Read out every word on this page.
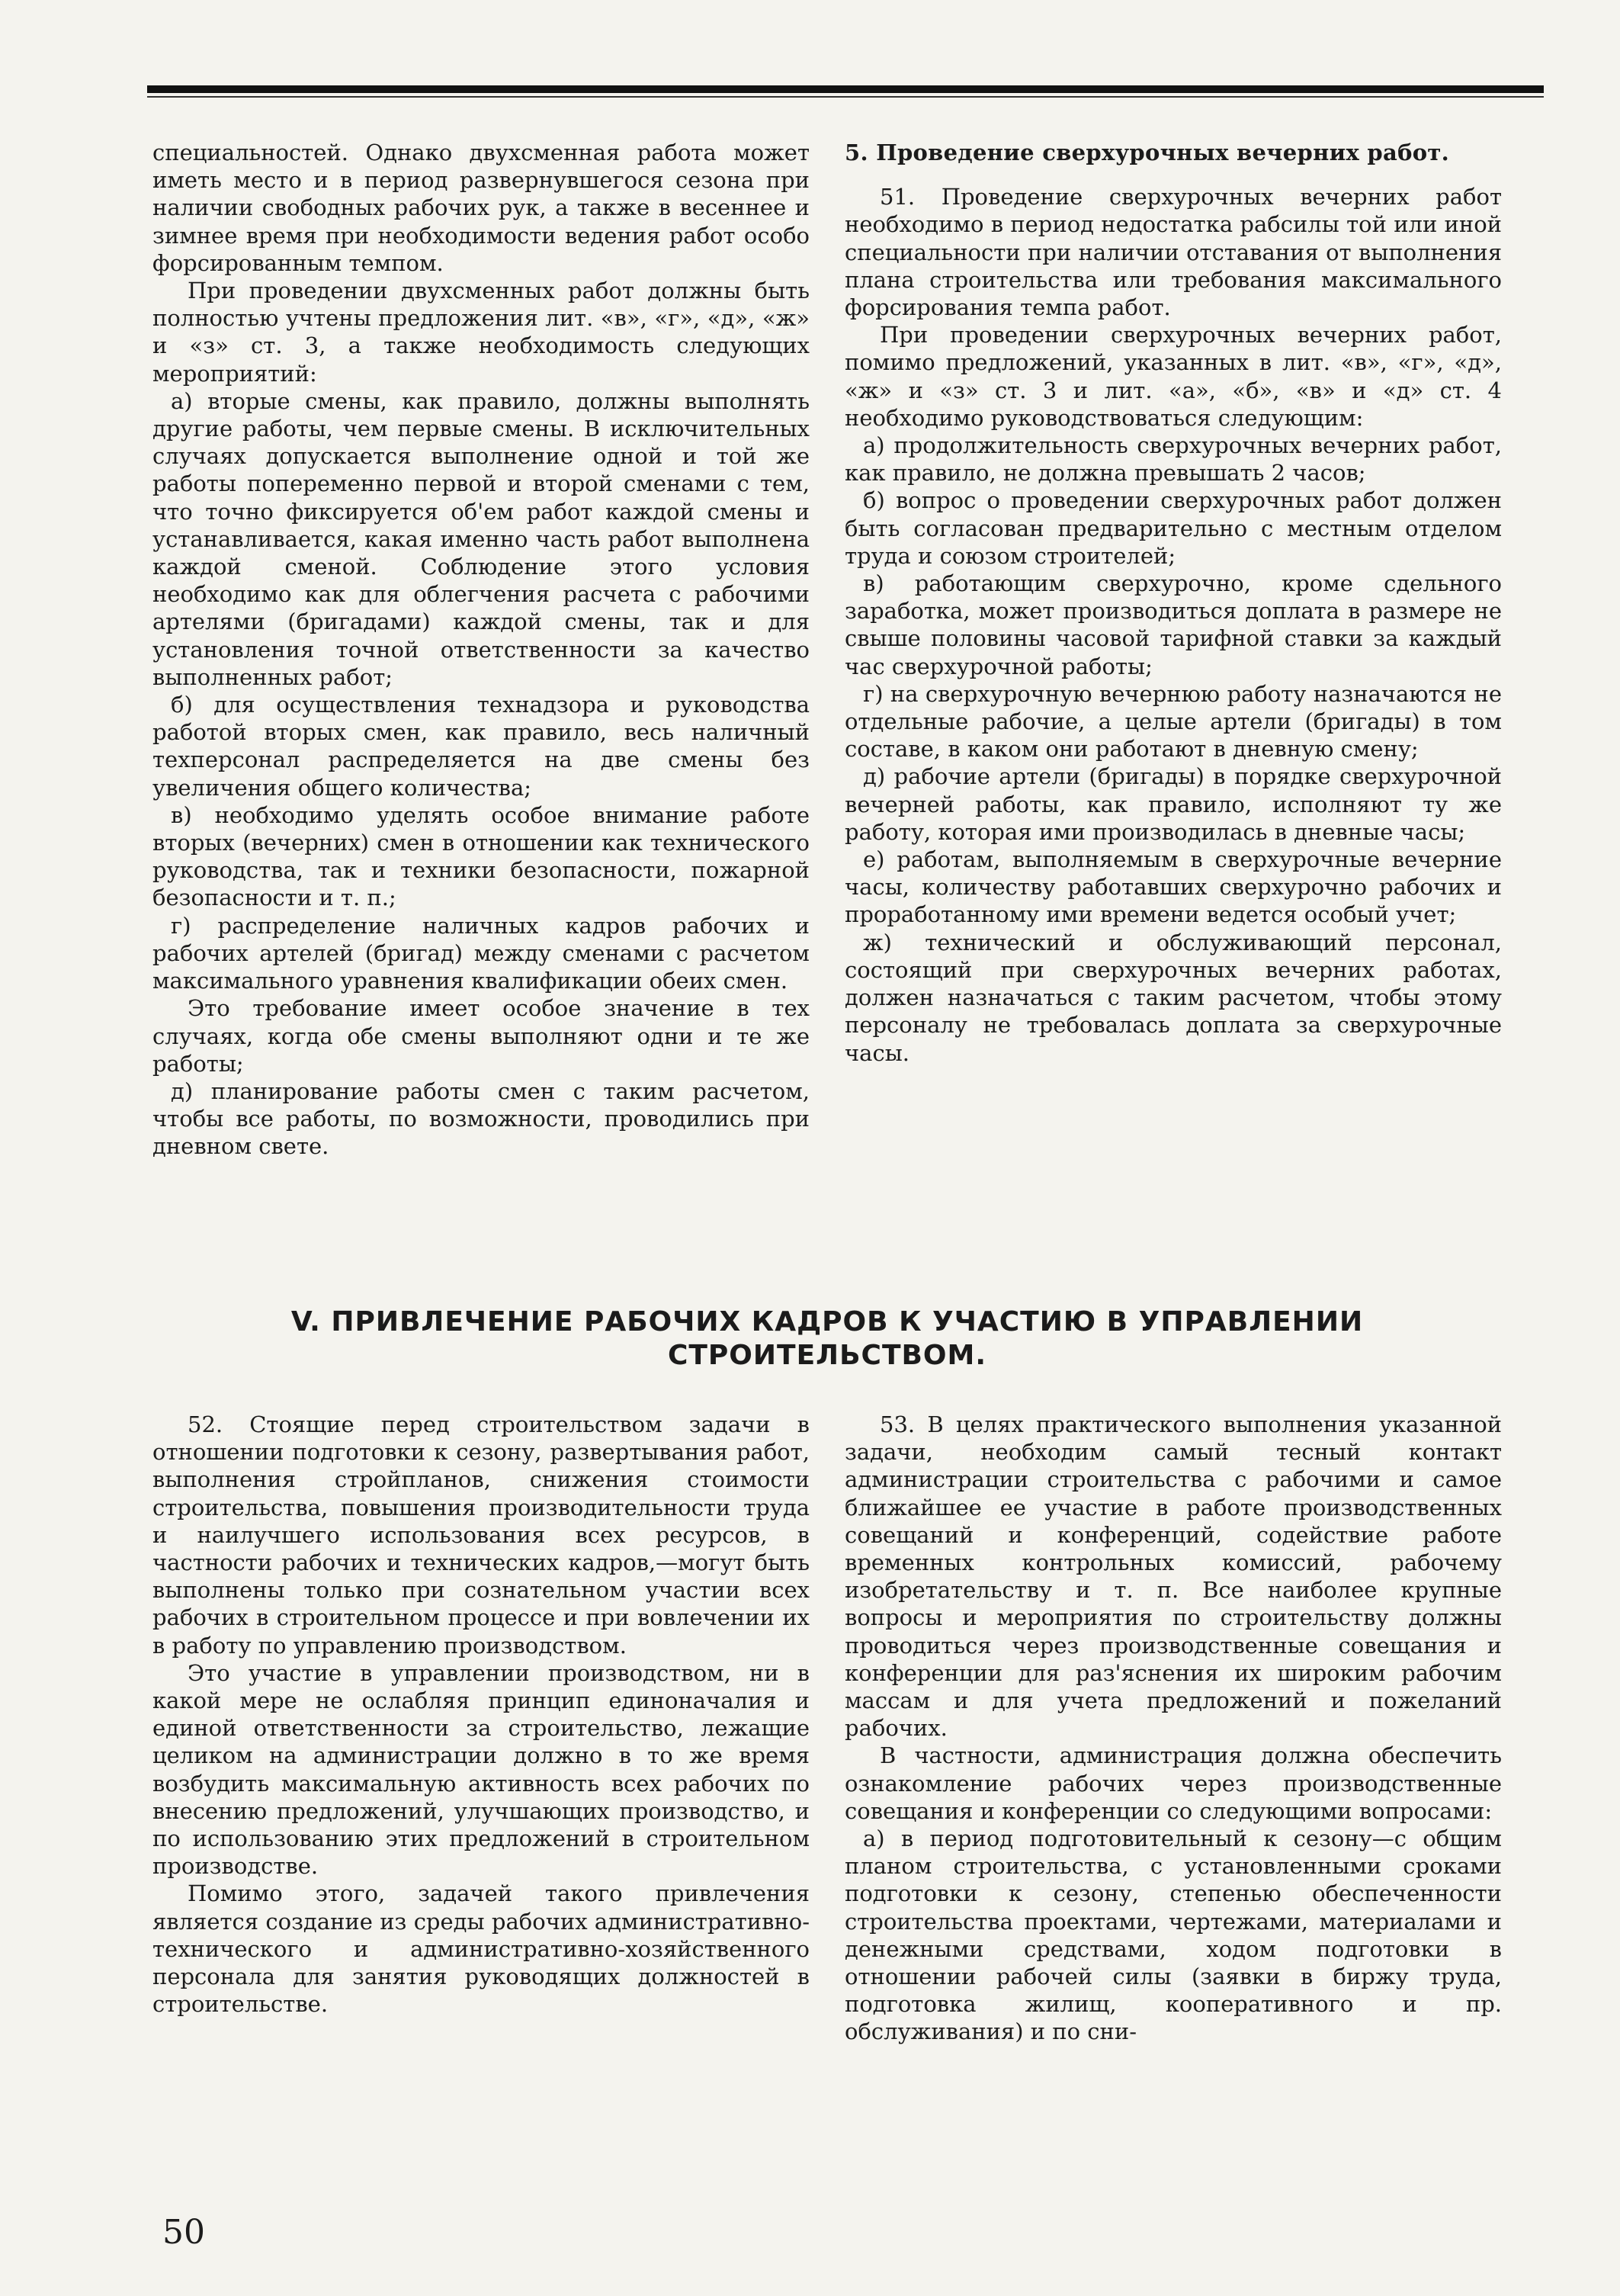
специальностей. Однако двухсменная работа может иметь место и в период развернувшегося сезона при наличии свободных рабочих рук, а также в весеннее и зимнее время при необходимости ведения работ особо форсированным темпом.

При проведении двухсменных работ должны быть полностью учтены предложения лит. «в», «г», «д», «ж» и «з» ст. 3, а также необходимость следующих мероприятий:

а) вторые смены, как правило, должны выполнять другие работы, чем первые смены. В исключительных случаях допускается выполнение одной и той же работы попеременно первой и второй сменами с тем, что точно фиксируется об'ем работ каждой смены и устанавливается, какая именно часть работ выполнена каждой сменой. Соблюдение этого условия необходимо как для облегчения расчета с рабочими артелями (бригадами) каждой смены, так и для установления точной ответственности за качество выполненных работ;

б) для осуществления технадзора и руководства работой вторых смен, как правило, весь наличный техперсонал распределяется на две смены без увеличения общего количества;

в) необходимо уделять особое внимание работе вторых (вечерних) смен в отношении как технического руководства, так и техники безопасности, пожарной безопасности и т. п.;

г) распределение наличных кадров рабочих и рабочих артелей (бригад) между сменами с расчетом максимального уравнения квалификации обеих смен.

Это требование имеет особое значение в тех случаях, когда обе смены выполняют одни и те же работы;

д) планирование работы смен с таким расчетом, чтобы все работы, по возможности, проводились при дневном свете.

5. Проведение сверхурочных вечерних работ.

51. Проведение сверхурочных вечерних работ необходимо в период недостатка рабсилы той или иной специальности при наличии отставания от выполнения плана строительства или требования максимального форсирования темпа работ.

При проведении сверхурочных вечерних работ, помимо предложений, указанных в лит. «в», «г», «д», «ж» и «з» ст. 3 и лит. «а», «б», «в» и «д» ст. 4 необходимо руководствоваться следующим:

а) продолжительность сверхурочных вечерних работ, как правило, не должна превышать 2 часов;

б) вопрос о проведении сверхурочных работ должен быть согласован предварительно с местным отделом труда и союзом строителей;

в) работающим сверхурочно, кроме сдельного заработка, может производиться доплата в размере не свыше половины часовой тарифной ставки за каждый час сверхурочной работы;

г) на сверхурочную вечернюю работу назначаются не отдельные рабочие, а целые артели (бригады) в том составе, в каком они работают в дневную смену;

д) рабочие артели (бригады) в порядке сверхурочной вечерней работы, как правило, исполняют ту же работу, которая ими производилась в дневные часы;

е) работам, выполняемым в сверхурочные вечерние часы, количеству работавших сверхурочно рабочих и проработанному ими времени ведется особый учет;

ж) технический и обслуживающий персонал, состоящий при сверхурочных вечерних работах, должен назначаться с таким расчетом, чтобы этому персоналу не требовалась доплата за сверхурочные часы.

V. ПРИВЛЕЧЕНИЕ РАБОЧИХ КАДРОВ К УЧАСТИЮ В УПРАВЛЕНИИ СТРОИТЕЛЬСТВОМ.

52. Стоящие перед строительством задачи в отношении подготовки к сезону, развертывания работ, выполнения стройпланов, снижения стоимости строительства, повышения производительности труда и наилучшего использования всех ресурсов, в частности рабочих и технических кадров,—могут быть выполнены только при сознательном участии всех рабочих в строительном процессе и при вовлечении их в работу по управлению производством.

Это участие в управлении производством, ни в какой мере не ослабляя принцип единоначалия и единой ответственности за строительство, лежащие целиком на администрации должно в то же время возбудить максимальную активность всех рабочих по внесению предложений, улучшающих производство, и по использованию этих предложений в строительном производстве.

Помимо этого, задачей такого привлечения является создание из среды рабочих административно-технического и административно-хозяйственного персонала для занятия руководящих должностей в строительстве.

53. В целях практического выполнения указанной задачи, необходим самый тесный контакт администрации строительства с рабочими и самое ближайшее ее участие в работе производственных совещаний и конференций, содействие работе временных контрольных комиссий, рабочему изобретательству и т. п. Все наиболее крупные вопросы и мероприятия по строительству должны проводиться через производственные совещания и конференции для раз'яснения их широким рабочим массам и для учета предложений и пожеланий рабочих.

В частности, администрация должна обеспечить ознакомление рабочих через производственные совещания и конференции со следующими вопросами:

а) в период подготовительный к сезону—с общим планом строительства, с установленными сроками подготовки к сезону, степенью обеспеченности строительства проектами, чертежами, материалами и денежными средствами, ходом подготовки в отношении рабочей силы (заявки в биржу труда, подготовка жилищ, кооперативного и пр. обслуживания) и по сни-

50
